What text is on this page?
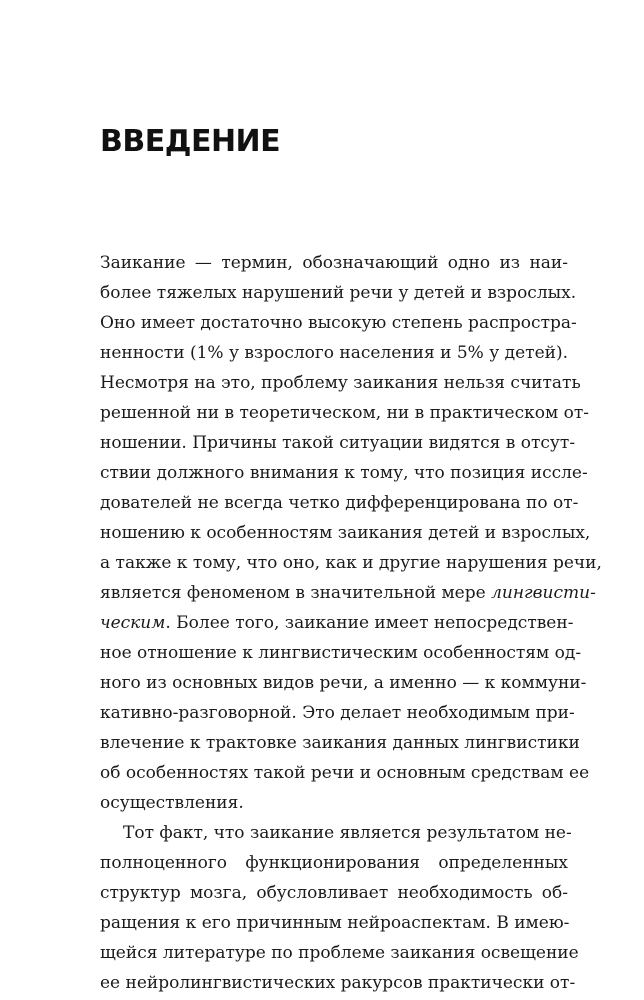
ВВЕДЕНИЕ
Заикание — термин, обозначающий одно из наи-
более тяжелых нарушений речи у детей и взрослых.
Оно имеет достаточно высокую степень распростра-
ненности (1% у взрослого населения и 5% у детей).
Несмотря на это, проблему заикания нельзя считать
решенной ни в теоретическом, ни в практическом от-
ношении. Причины такой ситуации видятся в отсут-
ствии должного внимания к тому, что позиция иссле-
дователей не всегда четко дифференцирована по от-
ношению к особенностям заикания детей и взрослых,
а также к тому, что оно, как и другие нарушения речи,
является феноменом в значительной мере лингвисти-
ческим. Более того, заикание имеет непосредствен-
ное отношение к лингвистическим особенностям од-
ного из основных видов речи, а именно — к коммуни-
кативно-разговорной. Это делает необходимым при-
влечение к трактовке заикания данных лингвистики
об особенностях такой речи и основным средствам ее
осуществления.
Тот факт, что заикание является результатом не-
полноценного функционирования определенных
структур мозга, обусловливает необходимость об-
ращения к его причинным нейроаспектам. В имею-
щейся литературе по проблеме заикания освещение
ее нейролингвистических ракурсов практически от-
